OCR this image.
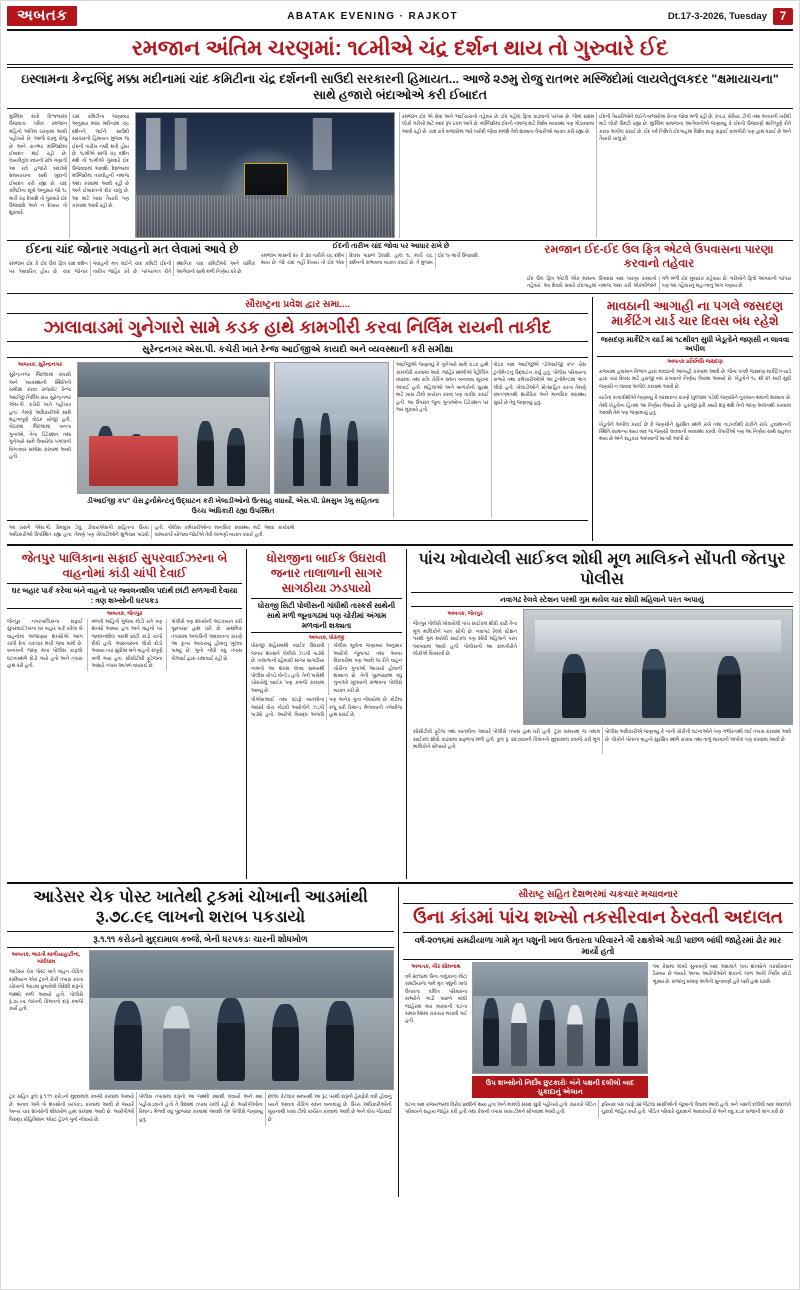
અબતક	ABATAK EVENING · RAJKOT	Dt.17-3-2026, Tuesday	7
રમજાન અંતિમ ચરણમાં: ૧૮મીએ ચંદ્ર દર્શન થાય તો ગુરુવારે ઈદ
ઇસ્લામના કેન્દ્રબિંદુ મક્કા મદીનામાં ચાંદ કમિટીના ચંદ્ર દર્શનની સાઉદી સરકારની હિમાયત... આજે ૨૭મુ રોજુ રાતભર મસ્જિદોમાં લાયલેતુલકદર "ક્ષમાયાચના" સાથે હજારો બંદાઓએ કરી ઈબાદત
મુસ્લિમ સંતો વિશ્વભરમાં ઉજવાતા પવિત્ર રમજાન મહિનો અંતિમ ચરણમાં આવી પહોંચ્યો છે. આજે ૨૭મુ રોજુ છે અને રાતભર મસ્જિદોમાં ઈબાદત થઈ રહી છે. લાયલેતુલ કદરની રાત્રિ ગણાતી આ રાત્રે હજારો બંદાઓ ક્ષમાયાચના સાથે ખુદાની ઈબાદત કરી રહ્યા છે. ચાંદ કમિટીના સૂત્રો અનુસાર જો ૧૮ માર્ચે ચંદ્ર દેખાશે તો ગુરુવારે ઈદ ઉજવાશે અને ન દેખાય તો શુક્રવારે.
ચાંદ કમિટીના જણાવ્યા અનુસાર મક્કા મદીનામાં ચંદ્ર દર્શનને લઈને સાઉદી સરકારની હિમાયત મુજબ જ ઈદની તારીખ નક્કી થતી હોય છે. ૧૮મીએ સાંજે ચંદ્ર દર્શન થશે તો ૧૯મીએ ગુરુવારે ઈદ ઉજવવામાં આવશે. દેશભરમાં મસ્જિદોમાં તરાવીહની નમાજ અદા કરવામાં આવી રહી છે અને ઈબાદતનો દોર ચાલુ છે. આ માટે ખાસ તૈયારી પણ કરવામાં આવી રહી છે.
રમજાન ઈદ એ સેવા અને ભાઈચારાનો તહેવાર છે. ઈદ પહેલાં ફિત્રા કાઢવાની પરંપરા છે. જેમાં સક્ષમ લોકો ગરીબો માટે મદદ રૂપ રકમ આપે છે. મસ્જિદોમાં ઈદની નમાજ માટે વિશેષ વ્યવસ્થા પણ ગોઠવવામાં આવી રહી છે. ચાંદ રાત્રે બજારોમાં ભારે ખરીદી જોવા મળશે તેવી શક્યતા વેપારીઓ વ્યક્ત કરી રહ્યા છે.
ઈદની તૈયારીઓને લઈને બજારોમાં રોનક જોવા મળી રહી છે. કપડાં, સેવૈયા, ટોપી તથા અત્તરની ખરીદી માટે લોકો ઉમટી રહ્યા છે. મુસ્લિમ સમાજના આગેવાનોએ જણાવ્યું કે ઈદની ઉજવણી શાંતિપૂર્ણ રીતે કરવા અપીલ કરાઈ છે. ઈદ પર્વ નિમિત્તે ઈદગાહમાં વિશેષ સાફ સફાઈ કામગીરી પણ હાથ ધરાઈ છે અને તૈયારી ચાલુ છે.
ઈદના ચાંદ જોનાર ગવાહનો મત લેવામાં આવે છે
રમજાન ઈદ કે ઈદ ઉલ ફિત્ર ચાંદ દર્શન પર આધારિત હોય છે. ચાંદ જોનાર ગવાહનો મત લઈને ચાંદ કમિટી ઈદની તારીખ જાહેર કરે છે. પરંપરાગત રીતે સ્થાનિક ચાંદ કમિટીઓ અને ધાર્મિક આગેવાનો સાથે મળી નિર્ણય કરે છે.
ઈદની તારીખ ચાંદ જોવા પર આધાર રાખે છે
રમજાન માસની ૨૯ કે ૩૦ તારીખે ચંદ્ર દર્શન થાય છે. જો ચાંદ નહીં દેખાય તો ઈદ એક દિવસ પાછળ ઠેલાશે. હાલ ૧૮ માર્ચે ચંદ્ર દર્શનની સંભાવના વ્યક્ત કરાઈ છે, તે મુજબ ઈદ ૧૯ માર્ચે ઉજવાશે.
રમજાન ઈદ-ઈદ ઉલ ફિત્ર એટલે ઉપવાસના પારણા કરવાનો તહેવાર
ઈદ ઉલ ફિત્ર એટલે એક માસના ઉપવાસ બાદ પારણા કરવાનો તહેવાર. આ દિવસે સવારે ઈદગાહમાં નમાજ અદા કરી એકબીજાને ગળે મળી ઈદ મુબારક કહેવાય છે. ગરીબોને ફિત્રો આપવાની પરંપરા પણ આ તહેવારનું મહત્ત્વનું અંગ ગણાય છે.
સૌરાષ્ટ્રના પ્રવેશ દ્વાર સમા....
ઝાલાવાડમાં ગુનેગારો સામે કડક હાથે કામગીરી કરવા નિર્લિમ રાયની તાકીદ
સુરેન્દ્રનગર એસ.પી. કચેરી ખાતે રેન્જ આઈજીએ કાયદો અને વ્યવસ્થાની કરી સમીક્ષા
અબતક, સુરેન્દ્રનગર
સુરેન્દ્રનગર જિલ્લામાં કાયદો અને વ્યવસ્થાની સ્થિતિની સમીક્ષા કરવા રાજકોટ રેન્જ આઈજી નિર્લિમ રાય સુરેન્દ્રનગર એસ.પી. કચેરી ખાતે પહોંચ્યા હતા. તેમણે અધિકારીઓ સાથે મહત્વપૂર્ણ બેઠક યોજી હતી. બેઠકમાં જિલ્લામાં બનતા ગુનાઓ, તેના ડિટેક્શન તથા ગુનેગારો સામે લેવાયેલા પગલાંની વિગતવાર સમીક્ષા કરવામાં આવી હતી.
ડીઆઈજી કપ" ચેસ ટુર્નામેન્ટનું ઉદ્ઘાટન કરી ખેલાડીઓનો ઉત્સાહ વધાર્યો, એસ.પી. પ્રેમસુખ ડેલુ સહિતના ઉચ્ચ અધિકારી રહ્યા ઉપસ્થિત
આઈજીએ જણાવ્યું કે ગુનેગારો સામે કડક હાથે કામગીરી કરવામાં આવે. જાહેર સ્થળોએ પેટ્રોલિંગ વધારવા તથા રાત્રિ ચેકિંગ સઘન બનાવવા સૂચના અપાઈ હતી. મહિલાઓ અને બાળકોની સુરક્ષા માટે ખાસ ટીમો કાર્યરત કરવા પણ તાકીદ કરાઈ હતી. આ ઉપરાંત જૂના ગુનાઓના ડિટેક્શન પર ભાર મૂકાયો હતો.
બેઠક બાદ આઈજીએ "ડીઆઈજી કપ" ચેસ ટુર્નામેન્ટનું ઉદ્ઘાટન કર્યું હતું. પોલીસ પરિવારના સભ્યો તથા કર્મચારીઓએ આ ટુર્નામેન્ટમાં ભાગ લીધો હતો. ખેલાડીઓને પ્રોત્સાહિત કરતા તેમણે રમતગમતથી શારીરિક અને માનસિક સ્વાસ્થ્ય સુધરે છે તેવું જણાવ્યું હતું.
આ પ્રસંગે એસ.પી. પ્રેમસુખ ડેલુ, ડીવાયએસપી સહિતના ઉચ્ચ અધિકારીઓ ઉપસ્થિત રહ્યા હતા. તેમણે પણ ખેલાડીઓને શુભેચ્છા પાઠવી હતી. પોલીસ કર્મચારીઓના માનસિક સ્વાસ્થ્ય માટે આવા કાર્યક્રમો સમયાંતરે યોજવા જોઈએ તેવી લાગણી વ્યક્ત કરાઈ હતી.
માવઠાની આગાહી ના પગલે જસદણ માર્કેટિંગ યાર્ડ ચાર દિવસ બંધ રહેશે
જસદણ માર્કેટિંગ યાર્ડ માં ૧૮થી૨૧ સુધી ખેડૂતોને જણસી ન લાવવા અપીલ
અબતક પ્રતિનિધિ જસદણ
રાજ્યમાં હવામાન વિભાગ દ્વારા માવઠાની આગાહી કરવામાં આવી છે. જેના પગલે જસદણ માર્કેટિંગ યાર્ડ દ્વારા ચાર દિવસ માટે હરાજી બંધ રાખવાનો નિર્ણય લેવામાં આવ્યો છે. ખેડૂતોને ૧૮ થી ૨૧ માર્ચ સુધી જણસી ન લાવવા અપીલ કરવામાં આવી છે.
યાર્ડના સત્તાધીશોએ જણાવ્યું કે વરસાદના કારણે ખુલ્લામાં પડેલી જણસીને નુકસાન થવાની શક્યતા છે. તેથી ખેડૂતોના હિતમાં આ નિર્ણય લેવાયો છે. હરાજી ફરી ક્યારે શરૂ થશે તેની જાણ અલગથી કરવામાં આવશે તેમ પણ જણાવાયું હતું.
ખેડૂતોને અપીલ કરાઈ છે કે જણસીને સુરક્ષિત સ્થળે રાખે તથા તાડપત્રીથી ઢાંકીને રાખે. હવામાનની સ્થિતિ સામાન્ય થયા બાદ જ જણસી લાવવાની વ્યવસ્થા કરવી. વેપારીઓ પણ આ નિર્ણય સાથે સહમત થયા છે અને સહકાર આપવાની ખાતરી આપી છે.
જેતપુર પાલિકાના સફાઈ સુપરવાઈઝરના બે વાહનોમાં કાંડી ચાંપી દેવાઈ
ઘર બહાર પાર્ક કરેલા બંને વાહનો પર જ્વલનશીલ પદાર્થ છાંટી સળગાવી દેવાયા : ત્રણ શખ્સોની ધરપકડ
અબતક, જેતપુર
જેતપુર નગરપાલિકાના સફાઈ સુપરવાઈઝરના ઘર બહાર પાર્ક કરેલા બે વાહનોમાં અજાણ્યા શખ્સોએ આગ ચાંપી દેતા ચકચાર મચી જવા પામી છે. બનાવની જાણ થતા પોલીસ કાફલો ઘટનાસ્થળે દોડી ગયો હતો અને તપાસ હાથ ધરી હતી.
મળતી માહિતી મુજબ મોડી રાત્રે ત્રણ શખ્સો આવ્યા હતા અને વાહનો પર જ્વલનશીલ પદાર્થ છાંટી કાંડી ચાંપી દીધી હતી. આસપાસના લોકો દોડી આવ્યા ત્યાં સુધીમાં બંને વાહનો સંપૂર્ણ બળી ગયા હતા. સીસીટીવી ફૂટેજના આધારે તપાસ આગળ વધારાઈ છે.
પોલીસે ત્રણ શખ્સોની અટકાયત કરી પૂછપરછ હાથ ધરી છે. પ્રાથમિક તપાસમાં અગાઉની અદાવતના કારણે આ કૃત્ય આચરાયું હોવાનું ખૂલવા પામ્યું છે. ગુનો નોંધી વધુ તપાસ પીઆઈ દ્વારા ચલાવાઈ રહી છે.
ધોરાજીના બાઈક ઉઘરાવી જનાર તાલાળાની સાગર સાગઠીયા ઝડપાયો
ધોરાજી સિટી પોલીસની ગાંધીથી તાસ્કર્સ સાથેની સાથે મળી જૂનાગઢમાં પણ ચોરીમાં અંગામ મળવાની શક્યતા
અબતક, ધોરાજી
ધોરાજી શહેરમાંથી બાઈક ઉઘરાવી જનાર શખ્સને પોલીસે ઝડપી પાડ્યો છે. તાલાળાનો રહેવાસી સાગર સાગઠીયા નામનો આ શખ્સ લાંબા સમયથી પોલીસ ચોપડે વોન્ટેડ હતો. તેની પાસેથી ચોરાયેલું બાઈક પણ કબજે કરવામાં આવ્યું છે.
પોલીસ સૂત્રોના જણાવ્યા અનુસાર આરોપી જૂનાગઢ તથા અન્ય વિસ્તારોમાં પણ આવી જ રીતે વાહન ચોરીના ગુનાઓ આચર્યા હોવાની શક્યતા છે. તેની પૂછપરછમાં વધુ ગુનાઓ ખૂલવાની સંભાવના પોલીસે વ્યક્ત કરી છે.
પીએસઆઈ તથા સ્ટાફે બાતમીના આધારે વોચ ગોઠવી આરોપીને ઝડપી પાડ્યો હતો. આરોપી વિરુદ્ધ અગાઉ પણ અનેક ગુના નોંધાયેલા છે. કોર્ટમાં રજૂ કરી રિમાન્ડ મેળવવાની તજવીજ હાથ ધરાઈ છે.
પાંચ ખોવાયેલી સાઈકલ શોધી મૂળ માલિકને સોંપતી જેતપુર પોલીસ
નવાગઢ રેલવે સ્ટેશન પરથી ગુમ થયેલ ચાર શોધી મહિલાને પરત અપાયું
અબતક, જેતપુર
જેતપુર પોલીસે ખોવાયેલી પાંચ સાઈકલ શોધી કાઢી તેના મૂળ માલિકોને પરત સોંપી છે. નવાગઢ રેલવે સ્ટેશન પરથી ગુમ થયેલી સાઈકલ પણ શોધી મહિલાને પરત આપવામાં આવી હતી. પોલીસની આ કામગીરીને લોકોએ બિરદાવી છે.
સીસીટીવી ફૂટેજ તથા બાતમીના આધારે પોલીસે તપાસ હાથ ધરી હતી. ટૂંકા સમયમાં જ તમામ સાઈકલ શોધી કાઢવામાં સફળતા મળી હતી. કુલ રૂ. ૨૨,૦૦૦ની કિંમતનો મુદ્દામાલ કબજે કરી મૂળ માલિકોને સોંપાયો હતો.
પોલીસ અધિકારીએ જણાવ્યું કે નાની ચોરીની ઘટનાઓને પણ ગંભીરતાથી લઈ તપાસ કરવામાં આવે છે. લોકોને પોતાના વાહનો સુરક્ષિત સ્થળે રાખવા તથા તાળું મારવાની અપીલ પણ કરવામાં આવી છે.
આડેસર ચેક પોસ્ટ ખાતેથી ટ્રકમાં ચોખાની આડમાંથી રૂ.૭૮.૯૬ લાખનો શરાબ પકડાયો
રૂ.૧.૧૧ કરોડનો મુદ્દામાલ કબ્જે, બેની ધરપકડઃ ચારની શોધખોળ
અબતક, ભારતી માળીયાહાટીના, ગાંધીધામ
આડેસર ચેક પોસ્ટ ખાતે વાહન ચેકિંગ દરમિયાન એક ટ્રકને રોકી તપાસ કરતા ચોખાની આડમાં છુપાવેલો વિદેશી દારૂનો જથ્થો મળી આવ્યો હતો. પોલીસે રૂ.૭૮.૯૬ લાખની કિંમતનો દારૂ કબજે કર્યો હતો.
ટ્રક સહિત કુલ રૂ.૧.૧૧ કરોડનો મુદ્દામાલ કબજે કરવામાં આવ્યો છે. બનાવ અંગે બે શખ્સોની ધરપકડ કરવામાં આવી છે જ્યારે અન્ય ચાર શખ્સોની શોધખોળ હાથ ધરવામાં આવી છે. આરોપીઓ વિરુદ્ધ પ્રોહિબિશન એક્ટ હેઠળ ગુનો નોંધાયો છે.
પોલીસ તપાસમાં દારૂનો આ જથ્થો ક્યાંથી લવાયો અને ક્યાં પહોંચાડવાનો હતો તે દિશામાં તપાસ ચાલી રહી છે. આરોપીઓના રિમાન્ડ મેળવી વધુ પૂછપરછ કરવામાં આવશે તેમ પોલીસે જણાવ્યું હતું.
છેલ્લા કેટલાક સમયથી આ રૂટ પરથી દારૂની હેરાફેરી વધી હોવાનું ધ્યાને આવતા ચેકિંગ સઘન બનાવાયું છે. ઉચ્ચ અધિકારીઓની સૂચનાથી ખાસ ટીમો કાર્યરત કરવામાં આવી છે અને વોચ ગોઠવાઈ છે.
સૌરાષ્ટ્ર સહિત દેશભરમાં ચકચાર મચાવનાર
ઉના કાંડમાં પાંચ શખ્સો તકસીરવાન ઠેરવતી અદાલત
વર્ષ-૨૦૧૬માં સમઢીયાળા ગામે મૃત પશુની ખાલ ઉતારતા પરિવારને ગૌ રક્ષકોએ ગાડી પાછળ બાંધી જાહેરમાં ઢોર માર માર્યો હતો
અબતક, ગીર સોમનાથ
વર્ષ ૨૦૧૬માં ઉના તાલુકાના મોટા સમઢીયાળા ગામે મૃત પશુની ખાલ ઉતારતા દલિત પરિવારના સભ્યોને ગાડી પાછળ બાંધી જાહેરમાં માર મારવાની ઘટના સમગ્ર દેશમાં ચકચાર મચાવી ગઈ હતી.
ઉપ શખ્સોનો નિર્દોષ છુટકારોઃ બંને પક્ષની દલીલો બાદ ચુકાદાનું એલાન
આ કેસમાં લાંબી સુનાવણી બાદ અદાલતે પાંચ શખ્સોને તકસીરવાન ઠેરવ્યા છે જ્યારે અન્ય આરોપીઓને શંકાનો લાભ આપી નિર્દોષ છોડી મૂક્યા છે. સજાનું પ્રમાણ અંગેની સુનાવણી હવે પછી હાથ ધરાશે.
ઘટના બાદ રાજ્યભરમાં વિરોધ પ્રદર્શનો થયા હતા અને મામલો સંસદ સુધી પહોંચ્યો હતો. સરકારે પીડિત પરિવારને સહાય જાહેર કરી હતી તથા કેસની તપાસ ખાસ ટીમને સોંપવામાં આવી હતી.
ફરિયાદ પક્ષ તરફે ૩૨ જેટલા સાક્ષીઓની જુબાની લેવામાં આવી હતી. બંને પક્ષની દલીલો બાદ અદાલતે ચુકાદો જાહેર કર્યો હતો. પીડિત પરિવારે ચુકાદાને આવકાર્યો છે અને વધુ કડક સજાની માંગ કરી છે.
